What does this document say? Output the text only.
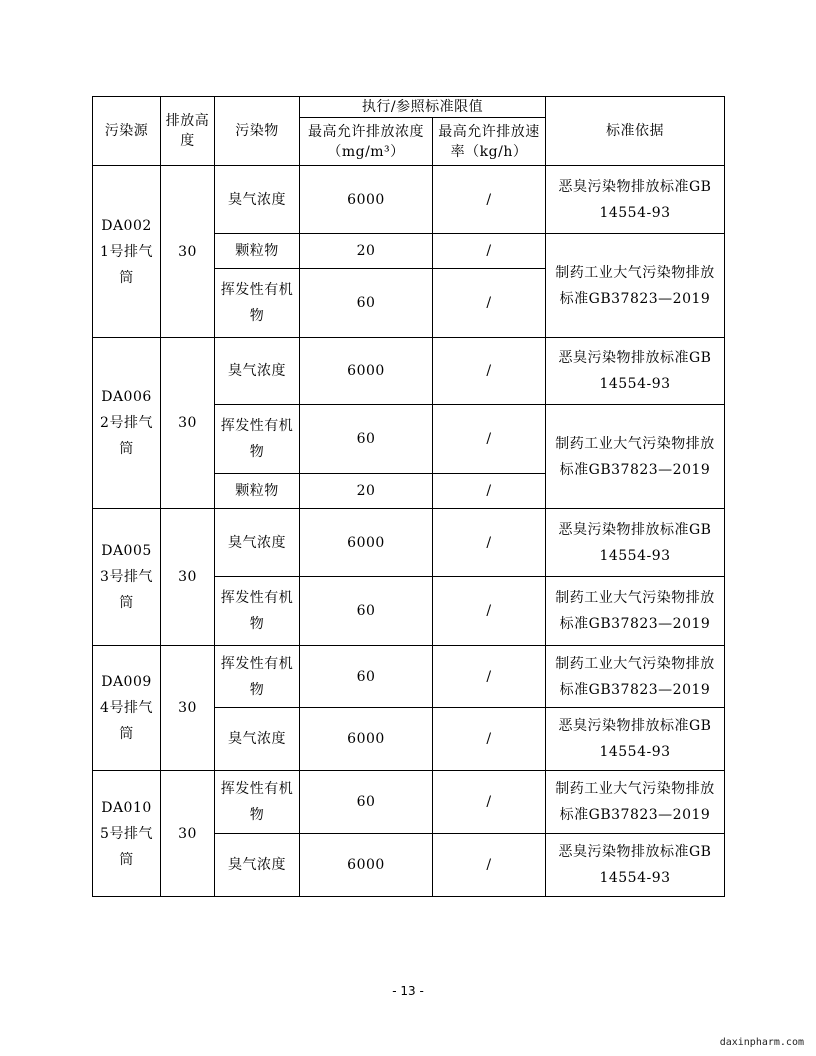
污染源	排放高度	污染物	执行/参照标准限值		标准依据
			最高允许排放浓度（mg/m³）	最高允许排放速率（kg/h）	
DA002 1号排气筒	30	臭气浓度	6000	/	恶臭污染物排放标准GB 14554-93
		颗粒物	20	/	制药工业大气污染物排放标准GB37823—2019
		挥发性有机物	60	/	
DA006 2号排气筒	30	臭气浓度	6000	/	恶臭污染物排放标准GB 14554-93
		挥发性有机物	60	/	制药工业大气污染物排放标准GB37823—2019
		颗粒物	20	/	
DA005 3号排气筒	30	臭气浓度	6000	/	恶臭污染物排放标准GB 14554-93
		挥发性有机物	60	/	制药工业大气污染物排放标准GB37823—2019
DA009 4号排气筒	30	挥发性有机物	60	/	制药工业大气污染物排放标准GB37823—2019
		臭气浓度	6000	/	恶臭污染物排放标准GB 14554-93
DA010 5号排气筒	30	挥发性有机物	60	/	制药工业大气污染物排放标准GB37823—2019
		臭气浓度	6000	/	恶臭污染物排放标准GB 14554-93
- 13 -
daxinpharm.com
